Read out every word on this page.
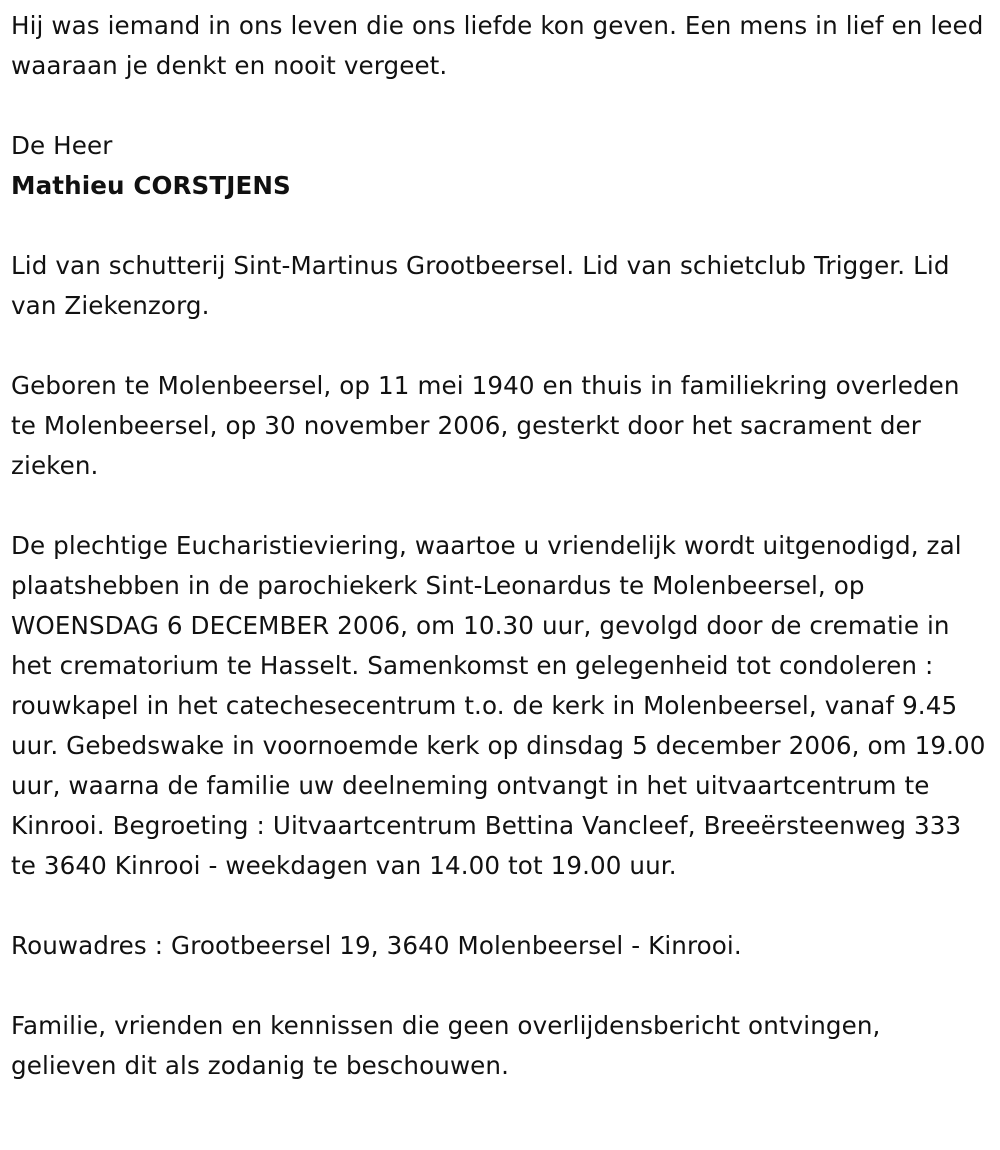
Hij was iemand in ons leven die ons liefde kon geven. Een mens in lief en leed waaraan je denkt en nooit vergeet.

De Heer

Mathieu CORSTJENS

Lid van schutterij Sint-Martinus Grootbeersel. Lid van schietclub Trigger. Lid van Ziekenzorg.

Geboren te Molenbeersel, op 11 mei 1940 en thuis in familiekring overleden te Molenbeersel, op 30 november 2006, gesterkt door het sacrament der zieken.

De plechtige Eucharistieviering, waartoe u vriendelijk wordt uitgenodigd, zal plaatshebben in de parochiekerk Sint-Leonardus te Molenbeersel, op WOENSDAG 6 DECEMBER 2006, om 10.30 uur, gevolgd door de crematie in het crematorium te Hasselt. Samenkomst en gelegenheid tot condoleren : rouwkapel in het catechesecentrum t.o. de kerk in Molenbeersel, vanaf 9.45 uur. Gebedswake in voornoemde kerk op dinsdag 5 december 2006, om 19.00 uur, waarna de familie uw deelneming ontvangt in het uitvaartcentrum te Kinrooi. Begroeting : Uitvaartcentrum Bettina Vancleef, Breeërsteenweg 333 te 3640 Kinrooi - weekdagen van 14.00 tot 19.00 uur.

Rouwadres : Grootbeersel 19, 3640 Molenbeersel - Kinrooi.

Familie, vrienden en kennissen die geen overlijdensbericht ontvingen, gelieven dit als zodanig te beschouwen.
